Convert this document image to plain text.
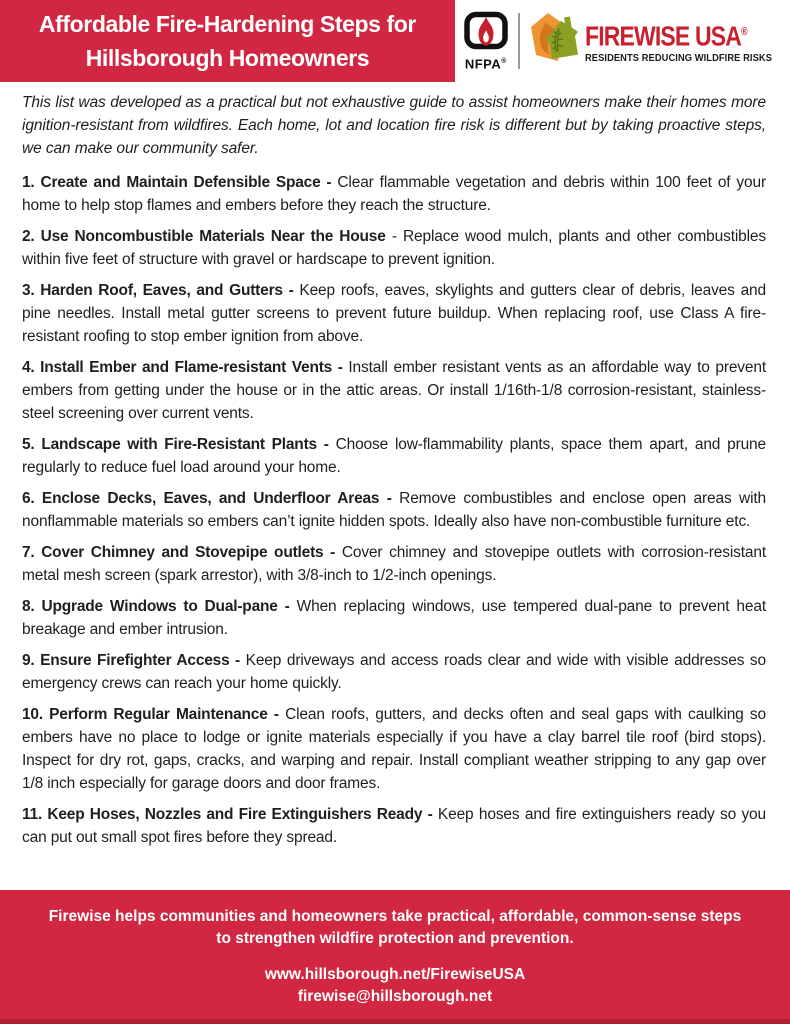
Affordable Fire-Hardening Steps for
Hillsborough Homeowners	NFPA®
FIREWISE USA®
RESIDENTS REDUCING WILDFIRE RISKS

This list was developed as a practical but not exhaustive guide to assist homeowners make their homes more ignition-resistant from wildfires. Each home, lot and location fire risk is different but by taking proactive steps, we can make our community safer.

1. Create and Maintain Defensible Space - Clear flammable vegetation and debris within 100 feet of your home to help stop flames and embers before they reach the structure.

2. Use Noncombustible Materials Near the House - Replace wood mulch, plants and other combustibles within five feet of structure with gravel or hardscape to prevent ignition.

3. Harden Roof, Eaves, and Gutters - Keep roofs, eaves, skylights and gutters clear of debris, leaves and pine needles. Install metal gutter screens to prevent future buildup. When replacing roof, use Class A fire-resistant roofing to stop ember ignition from above.

4. Install Ember and Flame-resistant Vents - Install ember resistant vents as an affordable way to prevent embers from getting under the house or in the attic areas. Or install 1/16th-1/8 corrosion-resistant, stainless-steel screening over current vents.

5. Landscape with Fire-Resistant Plants - Choose low-flammability plants, space them apart, and prune regularly to reduce fuel load around your home.

6. Enclose Decks, Eaves, and Underfloor Areas - Remove combustibles and enclose open areas with nonflammable materials so embers can’t ignite hidden spots. Ideally also have non-combustible furniture etc.

7. Cover Chimney and Stovepipe outlets - Cover chimney and stovepipe outlets with corrosion-resistant metal mesh screen (spark arrestor), with 3/8-inch to 1/2-inch openings.

8. Upgrade Windows to Dual-pane - When replacing windows, use tempered dual-pane to prevent heat breakage and ember intrusion.

9. Ensure Firefighter Access - Keep driveways and access roads clear and wide with visible addresses so emergency crews can reach your home quickly.

10. Perform Regular Maintenance - Clean roofs, gutters, and decks often and seal gaps with caulking so embers have no place to lodge or ignite materials especially if you have a clay barrel tile roof (bird stops). Inspect for dry rot, gaps, cracks, and warping and repair. Install compliant weather stripping to any gap over 1/8 inch especially for garage doors and door frames.

11. Keep Hoses, Nozzles and Fire Extinguishers Ready - Keep hoses and fire extinguishers ready so you can put out small spot fires before they spread.

Firewise helps communities and homeowners take practical, affordable, common-sense steps to strengthen wildfire protection and prevention.
www.hillsborough.net/FirewiseUSA
firewise@hillsborough.net
